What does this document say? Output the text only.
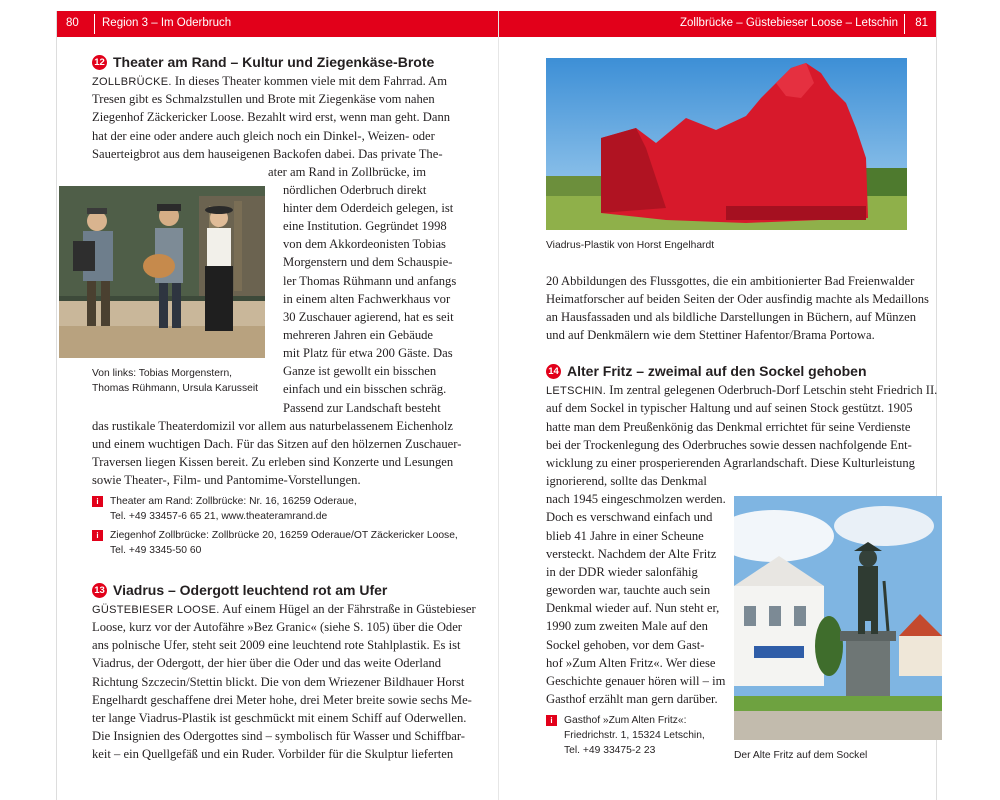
80 Region 3 – Im Oderbruch	Zollbrücke – Güstebieser Loose – Letschin 81
12 Theater am Rand – Kultur und Ziegenkäse-Brote
ZOLLBRÜCKE. In dieses Theater kommen viele mit dem Fahrrad. Am
Tresen gibt es Schmalzstullen und Brote mit Ziegenkäse vom nahen
Ziegenhof Zäckericker Loose. Bezahlt wird erst, wenn man geht. Dann
hat der eine oder andere auch gleich noch ein Dinkel-, Weizen- oder
Sauerteigbrot aus dem hauseigenen Backofen dabei. Das private The-
Von links: Tobias Morgenstern,
Thomas Rühmann, Ursula Karusseit
ater am Rand in Zollbrücke, im
nördlichen Oderbruch direkt
hinter dem Oderdeich gelegen, ist
eine Institution. Gegründet 1998
von dem Akkordeonisten Tobias
Morgenstern und dem Schauspie-
ler Thomas Rühmann und anfangs
in einem alten Fachwerkhaus vor
30 Zuschauer agierend, hat es seit
mehreren Jahren ein Gebäude
mit Platz für etwa 200 Gäste. Das
Ganze ist gewollt ein bisschen
einfach und ein bisschen schräg.
Passend zur Landschaft besteht
das rustikale Theaterdomizil vor allem aus naturbelassenem Eichenholz
und einem wuchtigen Dach. Für das Sitzen auf den hölzernen Zuschauer-
Traversen liegen Kissen bereit. Zu erleben sind Konzerte und Lesungen
sowie Theater-, Film- und Pantomime-Vorstellungen.
i	Theater am Rand: Zollbrücke: Nr. 16, 16259 Oderaue,
Tel. +49 33457-6 65 21, www.theateramrand.de
i	Ziegenhof Zollbrücke: Zollbrücke 20, 16259 Oderaue/OT Zäckericker Loose,
Tel. +49 3345-50 60
13 Viadrus – Odergott leuchtend rot am Ufer
GÜSTEBIESER LOOSE. Auf einem Hügel an der Fährstraße in Güstebieser
Loose, kurz vor der Autofähre »Bez Granic« (siehe S. 105) über die Oder
ans polnische Ufer, steht seit 2009 eine leuchtend rote Stahlplastik. Es ist
Viadrus, der Odergott, der hier über die Oder und das weite Oderland
Richtung Szczecin/Stettin blickt. Die von dem Wriezener Bildhauer Horst
Engelhardt geschaffene drei Meter hohe, drei Meter breite sowie sechs Me-
ter lange Viadrus-Plastik ist geschmückt mit einem Schiff auf Oderwellen.
Die Insignien des Odergottes sind – symbolisch für Wasser und Schiffbar-
keit – ein Quellgefäß und ein Ruder. Vorbilder für die Skulptur lieferten
Viadrus-Plastik von Horst Engelhardt
20 Abbildungen des Flussgottes, die ein ambitionierter Bad Freienwalder
Heimatforscher auf beiden Seiten der Oder ausfindig machte als Medaillons
an Hausfassaden und als bildliche Darstellungen in Büchern, auf Münzen
und auf Denkmälern wie dem Stettiner Hafentor/Brama Portowa.
14 Alter Fritz – zweimal auf den Sockel gehoben
LETSCHIN. Im zentral gelegenen Oderbruch-Dorf Letschin steht Friedrich II.
auf dem Sockel in typischer Haltung und auf seinen Stock gestützt. 1905
hatte man dem Preußenkönig das Denkmal errichtet für seine Verdienste
bei der Trockenlegung des Oderbruches sowie dessen nachfolgende Ent-
wicklung zu einer prosperierenden Agrarlandschaft. Diese Kulturleistung
ignorierend, sollte das Denkmal
nach 1945 eingeschmolzen werden.
Doch es verschwand einfach und
blieb 41 Jahre in einer Scheune
versteckt. Nachdem der Alte Fritz
in der DDR wieder salonfähig
geworden war, tauchte auch sein
Denkmal wieder auf. Nun steht er,
1990 zum zweiten Male auf den
Sockel gehoben, vor dem Gast-
hof »Zum Alten Fritz«. Wer diese
Geschichte genauer hören will – im
Gasthof erzählt man gern darüber.
i	Gasthof »Zum Alten Fritz«:
Friedrichstr. 1, 15324 Letschin,
Tel. +49 33475-2 23	Der Alte Fritz auf dem Sockel
